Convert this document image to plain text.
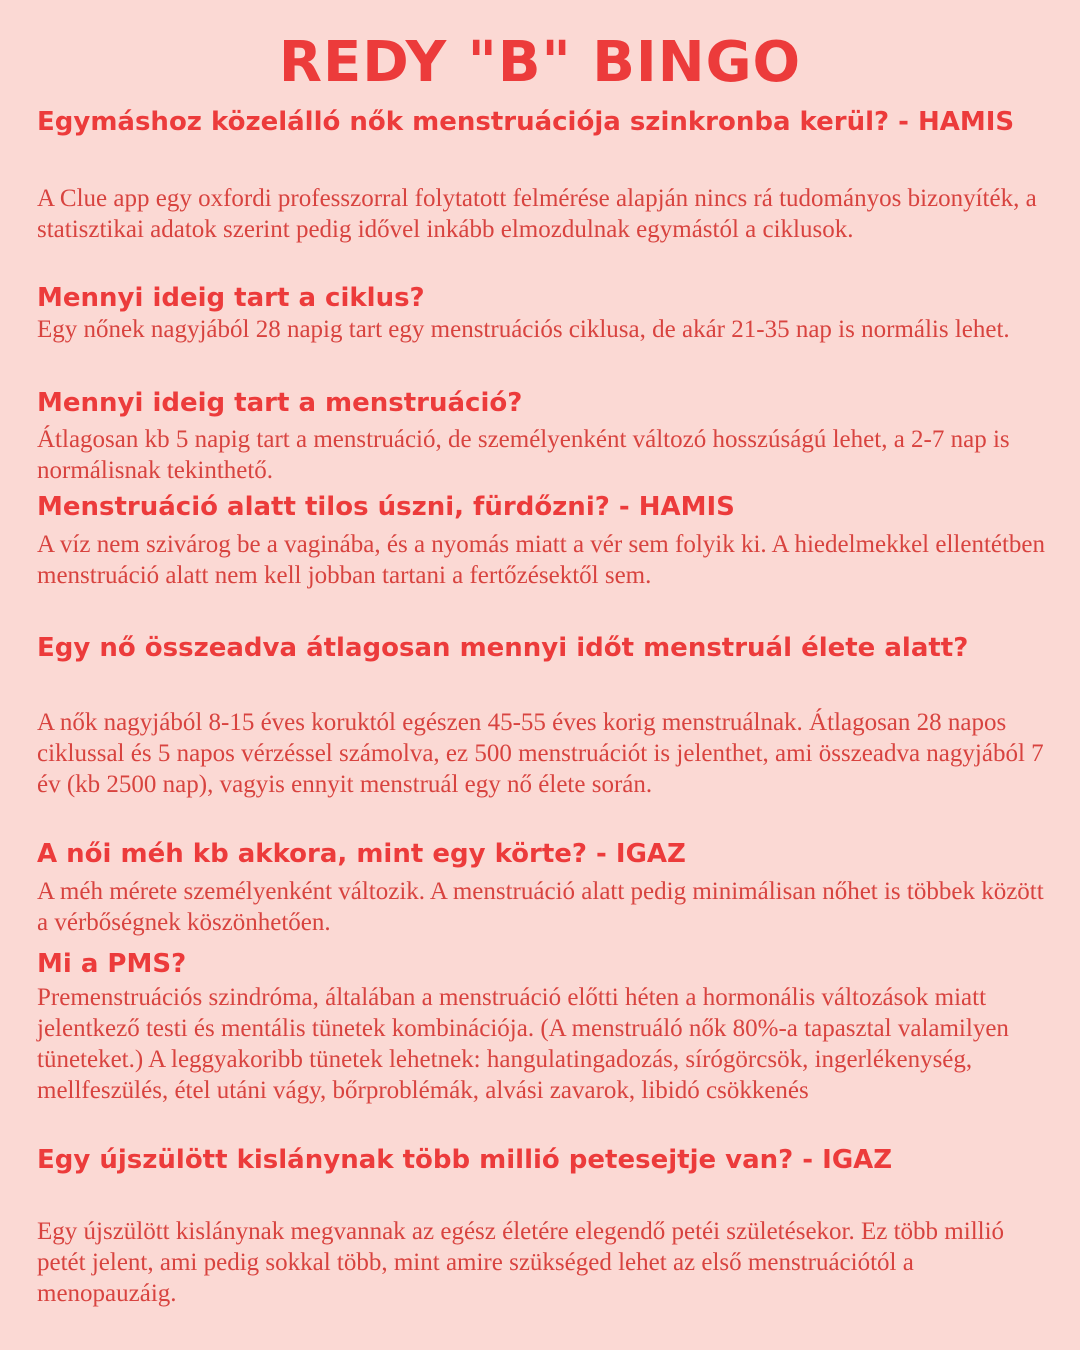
REDY "B" BINGO
Egymáshoz közelálló nők menstruációja szinkronba kerül? - HAMIS

A Clue app egy oxfordi professzorral folytatott felmérése alapján nincs rá tudományos bizonyíték, a statisztikai adatok szerint pedig idővel inkább elmozdulnak egymástól a ciklusok.

Mennyi ideig tart a ciklus?

Egy nőnek nagyjából 28 napig tart egy menstruációs ciklusa, de akár 21-35 nap is normális lehet.

Mennyi ideig tart a menstruáció?

Átlagosan kb 5 napig tart a menstruáció, de személyenként változó hosszúságú lehet, a 2-7 nap is normálisnak tekinthető.

Menstruáció alatt tilos úszni, fürdőzni? - HAMIS

A víz nem szivárog be a vaginába, és a nyomás miatt a vér sem folyik ki. A hiedelmekkel ellentétben menstruáció alatt nem kell jobban tartani a fertőzésektől sem.

Egy nő összeadva átlagosan mennyi időt menstruál élete alatt?

A nők nagyjából 8-15 éves koruktól egészen 45-55 éves korig menstruálnak. Átlagosan 28 napos ciklussal és 5 napos vérzéssel számolva, ez 500 menstruációt is jelenthet, ami összeadva nagyjából 7 év (kb 2500 nap), vagyis ennyit menstruál egy nő élete során.

A női méh kb akkora, mint egy körte? - IGAZ

A méh mérete személyenként változik. A menstruáció alatt pedig minimálisan nőhet is többek között a vérbőségnek köszönhetően.

Mi a PMS?

Premenstruációs szindróma, általában a menstruáció előtti héten a hormonális változások miatt jelentkező testi és mentális tünetek kombinációja. (A menstruáló nők 80%-a tapasztal valamilyen tüneteket.) A leggyakoribb tünetek lehetnek: hangulatingadozás, sírógörcsök, ingerlékenység, mellfeszülés, étel utáni vágy, bőrproblémák, alvási zavarok, libidó csökkenés

Egy újszülött kislánynak több millió petesejtje van? - IGAZ

Egy újszülött kislánynak megvannak az egész életére elegendő petéi születésekor. Ez több millió petét jelent, ami pedig sokkal több, mint amire szükséged lehet az első menstruációtól a menopauzáig.
